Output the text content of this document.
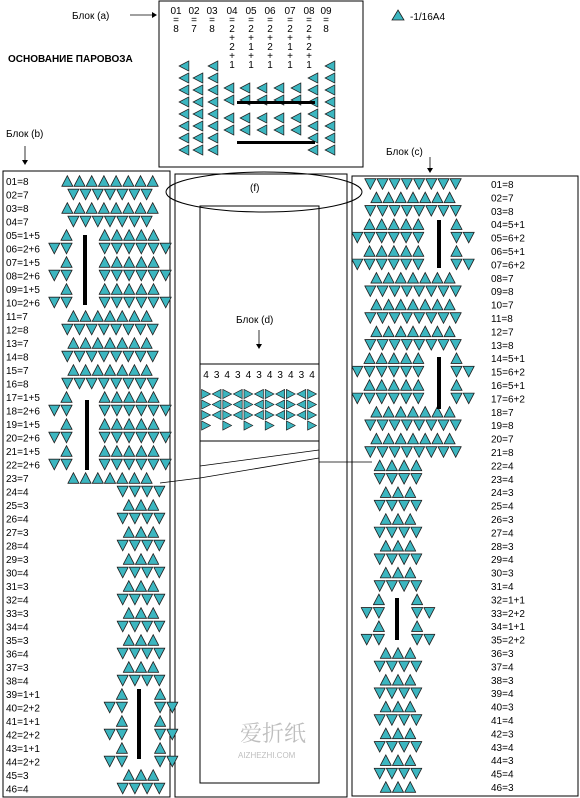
ОСНОВАНИЕ ПАРОВОЗА
-1/16A4
Блок (а)
Блок (b)
Блок (c)
Блок (d)
(f)
01
=
8
02
=
7
03
=
8
04
=
2
+
2
+
1
05
=
2
+
1
+
1
06
=
2
+
2
+
1
07
=
2
+
1
+
1
08
=
2
+
2
+
1
09
=
8
01=8
02=7
03=8
04=7
05=1+5
06=2+6
07=1+5
08=2+6
09=1+5
10=2+6
11=7
12=8
13=7
14=8
15=7
16=8
17=1+5
18=2+6
19=1+5
20=2+6
21=1+5
22=2+6
23=7
24=4
25=3
26=4
27=3
28=4
29=3
30=4
31=3
32=4
33=3
34=4
35=3
36=4
37=3
38=4
39=1+1
40=2+2
41=1+1
42=2+2
43=1+1
44=2+2
45=3
46=4
01=8
02=7
03=8
04=5+1
05=6+2
06=5+1
07=6+2
08=7
09=8
10=7
11=8
12=7
13=8
14=5+1
15=6+2
16=5+1
17=6+2
18=7
19=8
20=7
21=8
22=4
23=4
24=3
25=4
26=3
27=4
28=3
29=4
30=3
31=4
32=1+1
33=2+2
34=1+1
35=2+2
36=3
37=4
38=3
39=4
40=3
41=4
42=3
43=4
44=3
45=4
46=3
4 3 4 3 4 3 4 3 4 3 4
爱折纸
AIZHEZHI.COM
